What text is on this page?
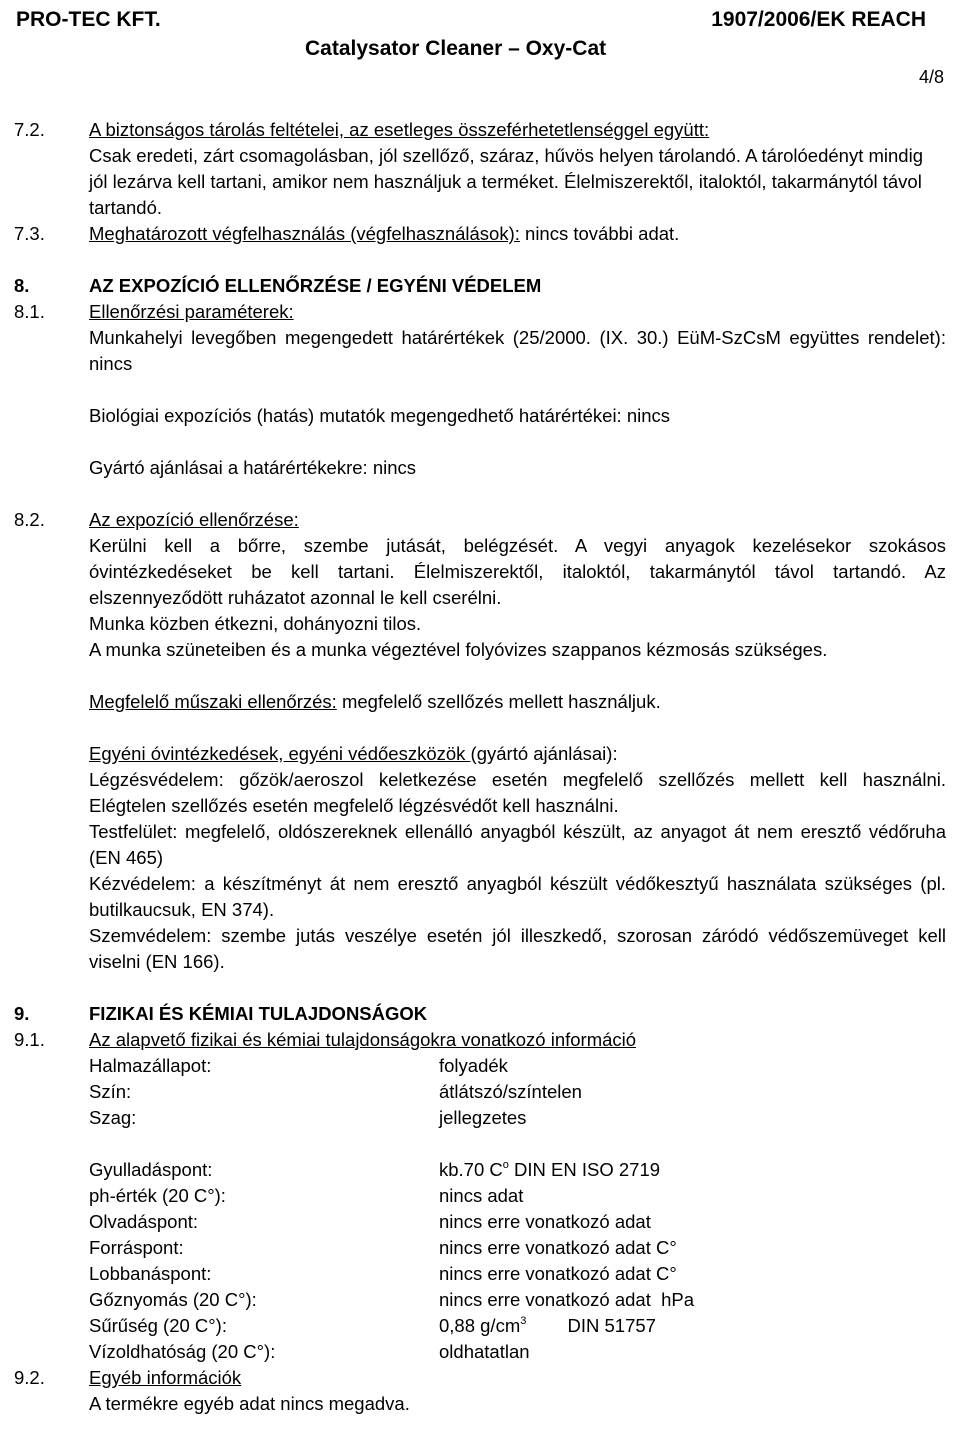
PRO-TEC KFT.	1907/2006/EK REACH
Catalysator Cleaner – Oxy-Cat
4/8
7.2.	A biztonságos tárolás feltételei, az esetleges összeférhetetlenséggel együtt:
Csak eredeti, zárt csomagolásban, jól szellőző, száraz, hűvös helyen tárolandó. A tárolóedényt mindig jól lezárva kell tartani, amikor nem használjuk a terméket. Élelmiszerektől, italoktól, takarmánytól távol tartandó.
7.3.	Meghatározott végfelhasználás (végfelhasználások): nincs további adat.
8.	AZ EXPOZÍCIÓ ELLENŐRZÉSE / EGYÉNI VÉDELEM
8.1.	Ellenőrzési paraméterek:
Munkahelyi levegőben megengedett határértékek (25/2000. (IX. 30.) EüM-SzCsM együttes rendelet): nincs
Biológiai expozíciós (hatás) mutatók megengedhető határértékei: nincs
Gyártó ajánlásai a határértékekre: nincs
8.2.	Az expozíció ellenőrzése:
Kerülni kell a bőrre, szembe jutását, belégzését. A vegyi anyagok kezelésekor szokásos óvintézkedéseket be kell tartani. Élelmiszerektől, italoktól, takarmánytól távol tartandó. Az elszennyeződött ruházatot azonnal le kell cserélni.
Munka közben étkezni, dohányozni tilos.
A munka szüneteiben és a munka végeztével folyóvizes szappanos kézmosás szükséges.
Megfelelő műszaki ellenőrzés: megfelelő szellőzés mellett használjuk.
Egyéni óvintézkedések, egyéni védőeszközök (gyártó ajánlásai):
Légzésvédelem: gőzök/aeroszol keletkezése esetén megfelelő szellőzés mellett kell használni. Elégtelen szellőzés esetén megfelelő légzésvédőt kell használni.
Testfelület: megfelelő, oldószereknek ellenálló anyagból készült, az anyagot át nem eresztő védőruha (EN 465)
Kézvédelem: a készítményt át nem eresztő anyagból készült védőkesztyű használata szükséges (pl. butilkaucsuk, EN 374).
Szemvédelem: szembe jutás veszélye esetén jól illeszkedő, szorosan záródó védőszemüveget kell viselni (EN 166).
9.	FIZIKAI ÉS KÉMIAI TULAJDONSÁGOK
9.1.	Az alapvető fizikai és kémiai tulajdonságokra vonatkozó információ
Halmazállapot:	folyadék
Szín:	átlátszó/színtelen
Szag:	jellegzetes
Gyulladáspont:	kb.70 $C^o$ DIN EN ISO 2719
ph-érték (20 C°):	nincs adat
Olvadáspont:	nincs erre vonatkozó adat
Forráspont:	nincs erre vonatkozó adat C°
Lobbanáspont:	nincs erre vonatkozó adat C°
Gőznyomás (20 C°):	nincs erre vonatkozó adat  hPa
Sűrűség (20 C°):	0,88 $g/cm^3$        DIN 51757
Vízoldhatóság (20 C°):	oldhatatlan
9.2.	Egyéb információk
A termékre egyéb adat nincs megadva.
